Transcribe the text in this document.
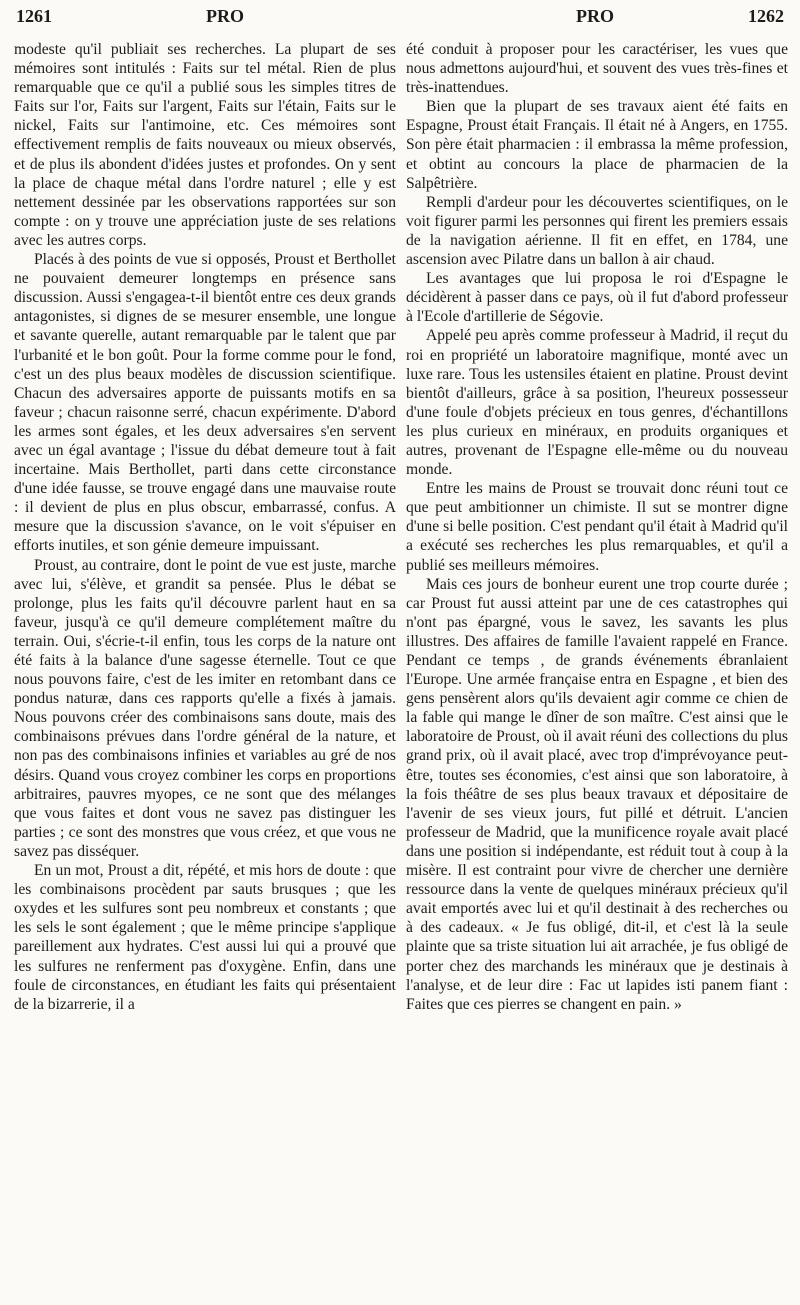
1261	PRO	PRO	1262

modeste qu'il publiait ses recherches. La plupart de ses mémoires sont intitulés : Faits sur tel métal. Rien de plus remarquable que ce qu'il a publié sous les simples titres de Faits sur l'or, Faits sur l'argent, Faits sur l'étain, Faits sur le nickel, Faits sur l'antimoine, etc. Ces mémoires sont effectivement remplis de faits nouveaux ou mieux observés, et de plus ils abondent d'idées justes et profondes. On y sent la place de chaque métal dans l'ordre naturel ; elle y est nettement dessinée par les observations rapportées sur son compte : on y trouve une appréciation juste de ses relations avec les autres corps.

Placés à des points de vue si opposés, Proust et Berthollet ne pouvaient demeurer longtemps en présence sans discussion. Aussi s'engagea-t-il bientôt entre ces deux grands antagonistes, si dignes de se mesurer ensemble, une longue et savante querelle, autant remarquable par le talent que par l'urbanité et le bon goût. Pour la forme comme pour le fond, c'est un des plus beaux modèles de discussion scientifique. Chacun des adversaires apporte de puissants motifs en sa faveur ; chacun raisonne serré, chacun expérimente. D'abord les armes sont égales, et les deux adversaires s'en servent avec un égal avantage ; l'issue du débat demeure tout à fait incertaine. Mais Berthollet, parti dans cette circonstance d'une idée fausse, se trouve engagé dans une mauvaise route : il devient de plus en plus obscur, embarrassé, confus. A mesure que la discussion s'avance, on le voit s'épuiser en efforts inutiles, et son génie demeure impuissant.

Proust, au contraire, dont le point de vue est juste, marche avec lui, s'élève, et grandit sa pensée. Plus le débat se prolonge, plus les faits qu'il découvre parlent haut en sa faveur, jusqu'à ce qu'il demeure complétement maître du terrain. Oui, s'écrie-t-il enfin, tous les corps de la nature ont été faits à la balance d'une sagesse éternelle. Tout ce que nous pouvons faire, c'est de les imiter en retombant dans ce pondus naturæ, dans ces rapports qu'elle a fixés à jamais. Nous pouvons créer des combinaisons sans doute, mais des combinaisons prévues dans l'ordre général de la nature, et non pas des combinaisons infinies et variables au gré de nos désirs. Quand vous croyez combiner les corps en proportions arbitraires, pauvres myopes, ce ne sont que des mélanges que vous faites et dont vous ne savez pas distinguer les parties ; ce sont des monstres que vous créez, et que vous ne savez pas disséquer.

En un mot, Proust a dit, répété, et mis hors de doute : que les combinaisons procèdent par sauts brusques ; que les oxydes et les sulfures sont peu nombreux et constants ; que les sels le sont également ; que le même principe s'applique pareillement aux hydrates. C'est aussi lui qui a prouvé que les sulfures ne renferment pas d'oxygène. Enfin, dans une foule de circonstances, en étudiant les faits qui présentaient de la bizarrerie, il a

été conduit à proposer pour les caractériser, les vues que nous admettons aujourd'hui, et souvent des vues très-fines et très-inattendues.

Bien que la plupart de ses travaux aient été faits en Espagne, Proust était Français. Il était né à Angers, en 1755. Son père était pharmacien : il embrassa la même profession, et obtint au concours la place de pharmacien de la Salpêtrière.

Rempli d'ardeur pour les découvertes scientifiques, on le voit figurer parmi les personnes qui firent les premiers essais de la navigation aérienne. Il fit en effet, en 1784, une ascension avec Pilatre dans un ballon à air chaud.

Les avantages que lui proposa le roi d'Espagne le décidèrent à passer dans ce pays, où il fut d'abord professeur à l'Ecole d'artillerie de Ségovie.

Appelé peu après comme professeur à Madrid, il reçut du roi en propriété un laboratoire magnifique, monté avec un luxe rare. Tous les ustensiles étaient en platine. Proust devint bientôt d'ailleurs, grâce à sa position, l'heureux possesseur d'une foule d'objets précieux en tous genres, d'échantillons les plus curieux en minéraux, en produits organiques et autres, provenant de l'Espagne elle-même ou du nouveau monde.

Entre les mains de Proust se trouvait donc réuni tout ce que peut ambitionner un chimiste. Il sut se montrer digne d'une si belle position. C'est pendant qu'il était à Madrid qu'il a exécuté ses recherches les plus remarquables, et qu'il a publié ses meilleurs mémoires.

Mais ces jours de bonheur eurent une trop courte durée ; car Proust fut aussi atteint par une de ces catastrophes qui n'ont pas épargné, vous le savez, les savants les plus illustres. Des affaires de famille l'avaient rappelé en France. Pendant ce temps , de grands événements ébranlaient l'Europe. Une armée française entra en Espagne , et bien des gens pensèrent alors qu'ils devaient agir comme ce chien de la fable qui mange le dîner de son maître. C'est ainsi que le laboratoire de Proust, où il avait réuni des collections du plus grand prix, où il avait placé, avec trop d'imprévoyance peut-être, toutes ses économies, c'est ainsi que son laboratoire, à la fois théâtre de ses plus beaux travaux et dépositaire de l'avenir de ses vieux jours, fut pillé et détruit. L'ancien professeur de Madrid, que la munificence royale avait placé dans une position si indépendante, est réduit tout à coup à la misère. Il est contraint pour vivre de chercher une dernière ressource dans la vente de quelques minéraux précieux qu'il avait emportés avec lui et qu'il destinait à des recherches ou à des cadeaux. « Je fus obligé, dit-il, et c'est là la seule plainte que sa triste situation lui ait arrachée, je fus obligé de porter chez des marchands les minéraux que je destinais à l'analyse, et de leur dire : Fac ut lapides isti panem fiant : Faites que ces pierres se changent en pain. »
